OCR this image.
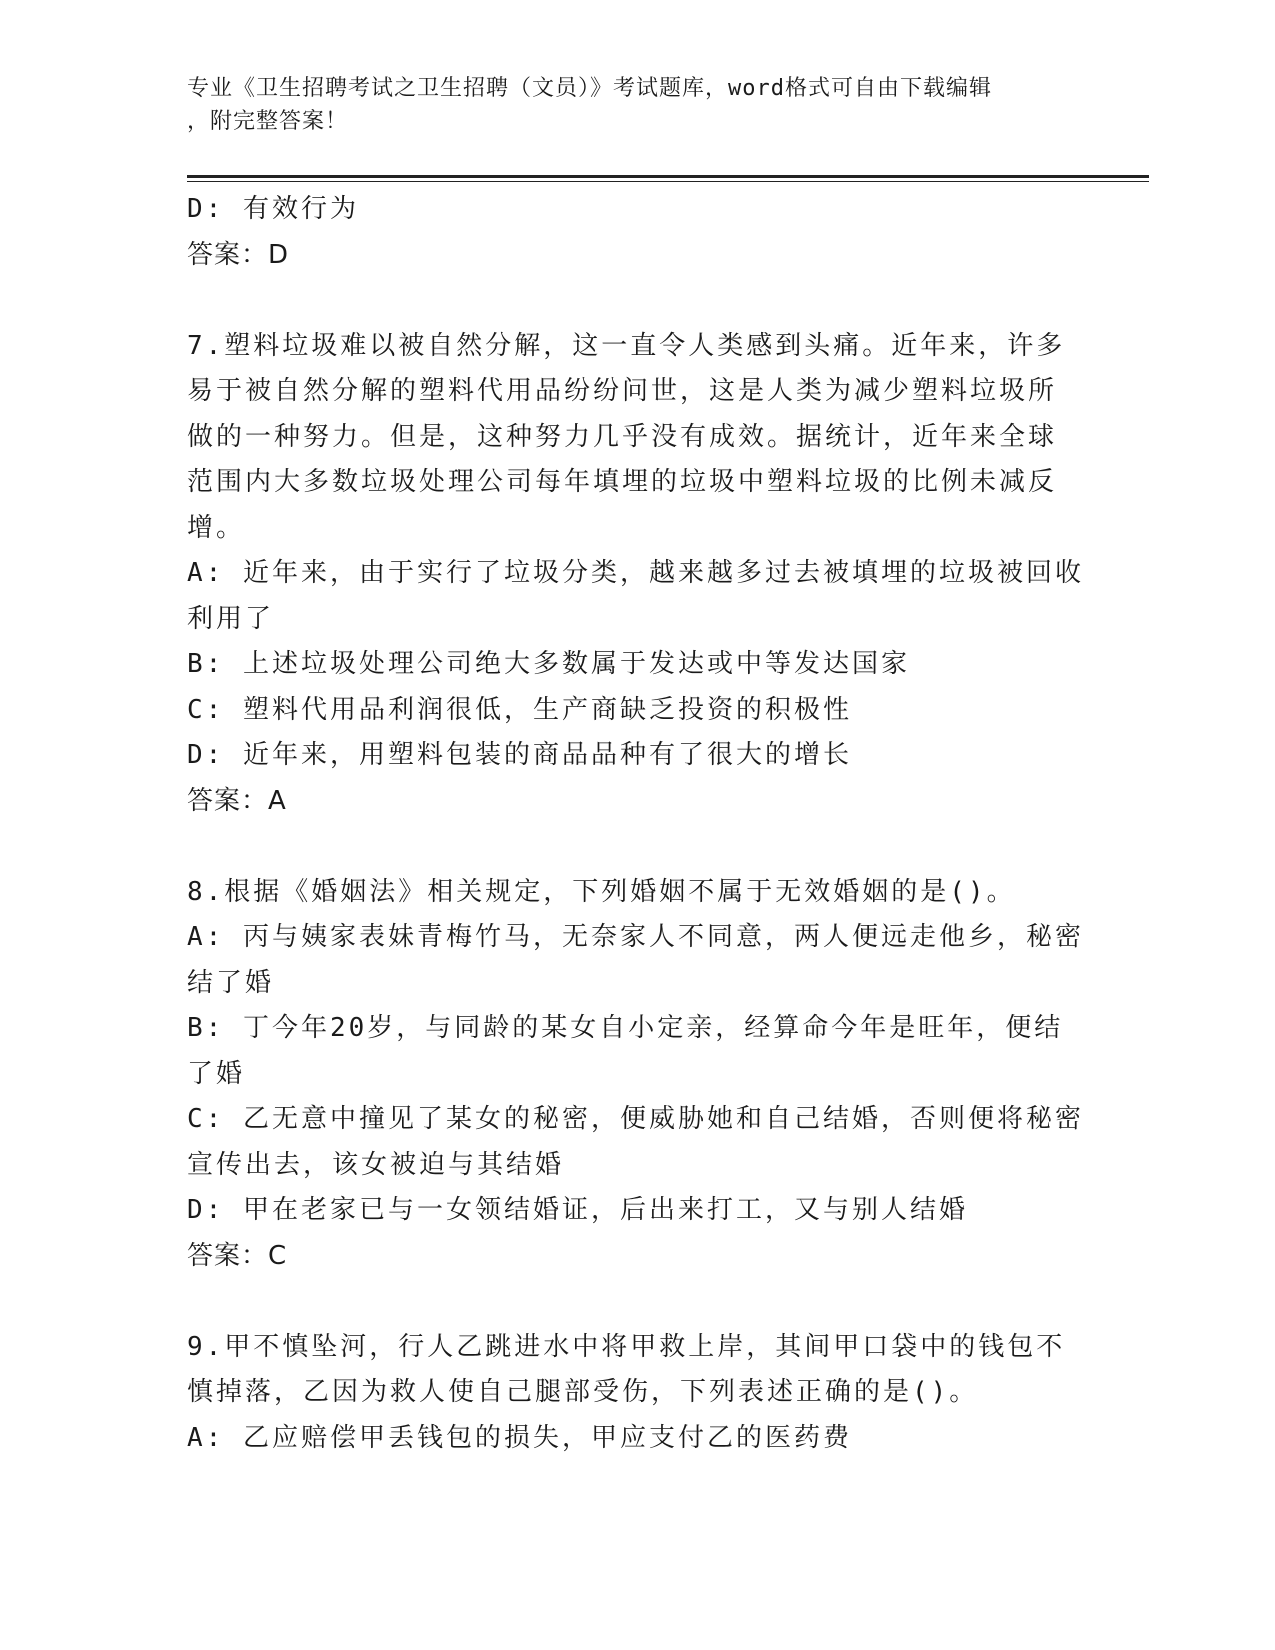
专业《卫生招聘考试之卫生招聘（文员）》考试题库，word格式可自由下载编辑
，附完整答案！
D: 有效行为
答案：D
7.塑料垃圾难以被自然分解，这一直令人类感到头痛。近年来，许多
易于被自然分解的塑料代用品纷纷问世，这是人类为减少塑料垃圾所
做的一种努力。但是，这种努力几乎没有成效。据统计，近年来全球
范围内大多数垃圾处理公司每年填埋的垃圾中塑料垃圾的比例未减反
增。
A: 近年来，由于实行了垃圾分类，越来越多过去被填埋的垃圾被回收
利用了
B: 上述垃圾处理公司绝大多数属于发达或中等发达国家
C: 塑料代用品利润很低，生产商缺乏投资的积极性
D: 近年来，用塑料包装的商品品种有了很大的增长
答案：A
8.根据《婚姻法》相关规定，下列婚姻不属于无效婚姻的是()。
A: 丙与姨家表妹青梅竹马，无奈家人不同意，两人便远走他乡，秘密
结了婚
B: 丁今年20岁，与同龄的某女自小定亲，经算命今年是旺年，便结
了婚
C: 乙无意中撞见了某女的秘密，便威胁她和自己结婚，否则便将秘密
宣传出去，该女被迫与其结婚
D: 甲在老家已与一女领结婚证，后出来打工，又与别人结婚
答案：C
9.甲不慎坠河，行人乙跳进水中将甲救上岸，其间甲口袋中的钱包不
慎掉落，乙因为救人使自己腿部受伤，下列表述正确的是()。
A: 乙应赔偿甲丢钱包的损失，甲应支付乙的医药费
